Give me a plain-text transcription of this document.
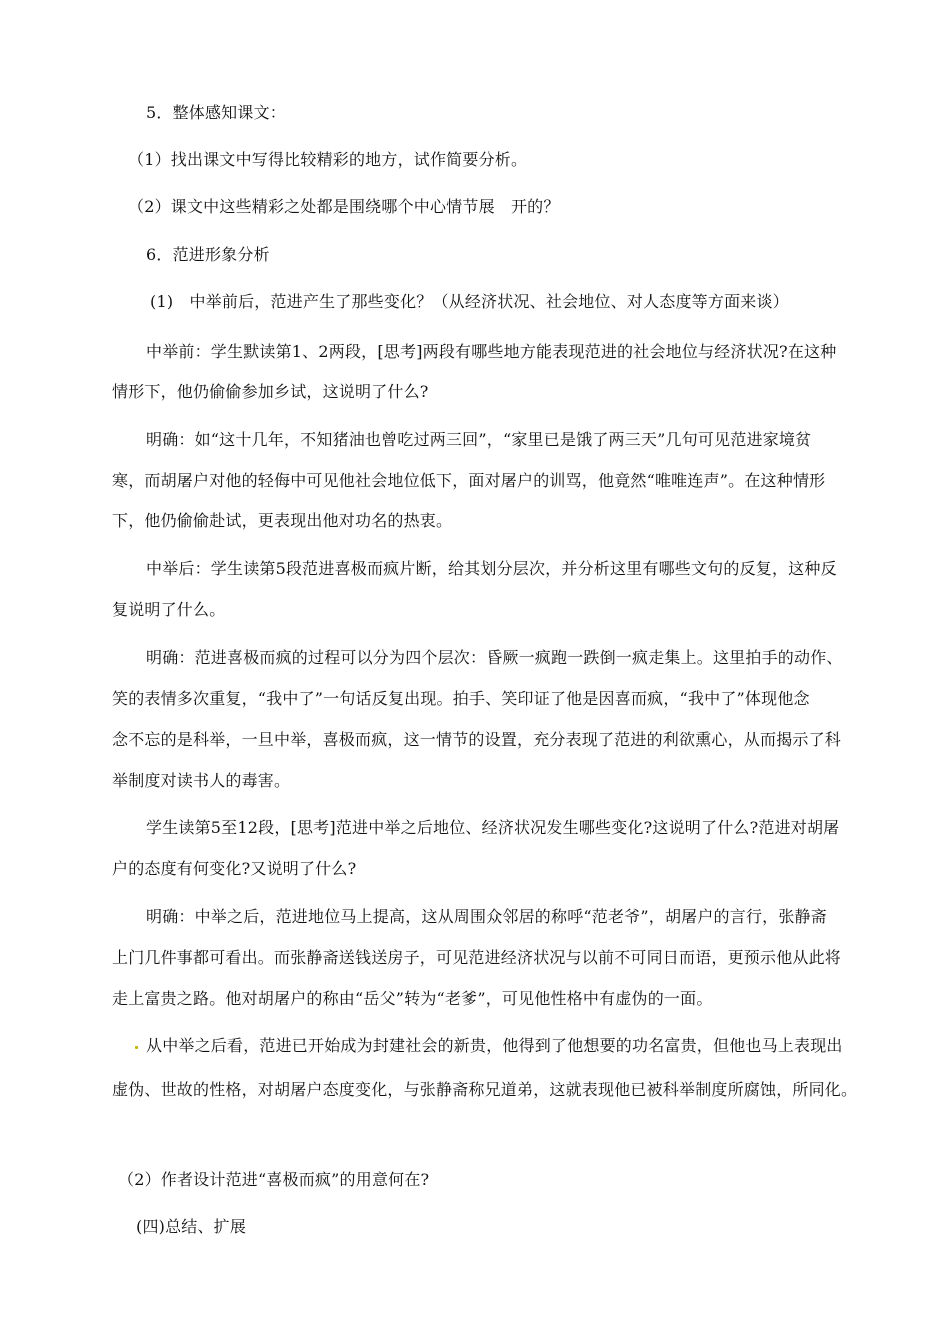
5．整体感知课文：
（1）找出课文中写得比较精彩的地方，试作简要分析。
（2）课文中这些精彩之处都是围绕哪个中心情节展　开的？
6．范进形象分析
(1)　中举前后，范进产生了那些变化？（从经济状况、社会地位、对人态度等方面来谈）
中举前：学生默读第1、2两段，[思考]两段有哪些地方能表现范进的社会地位与经济状况?在这种
情形下，他仍偷偷参加乡试，这说明了什么?
明确：如“这十几年，不知猪油也曾吃过两三回”，“家里已是饿了两三天”几句可见范进家境贫
寒，而胡屠户对他的轻侮中可见他社会地位低下，面对屠户的训骂，他竟然“唯唯连声”。在这种情形
下，他仍偷偷赴试，更表现出他对功名的热衷。
中举后：学生读第5段范进喜极而疯片断，给其划分层次，并分析这里有哪些文句的反复，这种反
复说明了什么。
明确：范进喜极而疯的过程可以分为四个层次：昏厥一疯跑一跌倒一疯走集上。这里拍手的动作、
笑的表情多次重复，“我中了”一句话反复出现。拍手、笑印证了他是因喜而疯，“我中了”体现他念
念不忘的是科举，一旦中举，喜极而疯，这一情节的设置，充分表现了范进的利欲熏心，从而揭示了科
举制度对读书人的毒害。
学生读第5至12段，[思考]范进中举之后地位、经济状况发生哪些变化?这说明了什么?范进对胡屠
户的态度有何变化?又说明了什么?
明确：中举之后，范进地位马上提高，这从周围众邻居的称呼“范老爷”，胡屠户的言行，张静斋
上门几件事都可看出。而张静斋送钱送房子，可见范进经济状况与以前不可同日而语，更预示他从此将
走上富贵之路。他对胡屠户的称由“岳父”转为“老爹”，可见他性格中有虚伪的一面。
从中举之后看，范进已开始成为封建社会的新贵，他得到了他想要的功名富贵，但他也马上表现出
虚伪、世故的性格，对胡屠户态度变化，与张静斋称兄道弟，这就表现他已被科举制度所腐蚀，所同化。
（2）作者设计范进“喜极而疯”的用意何在?
(四)总结、扩展
